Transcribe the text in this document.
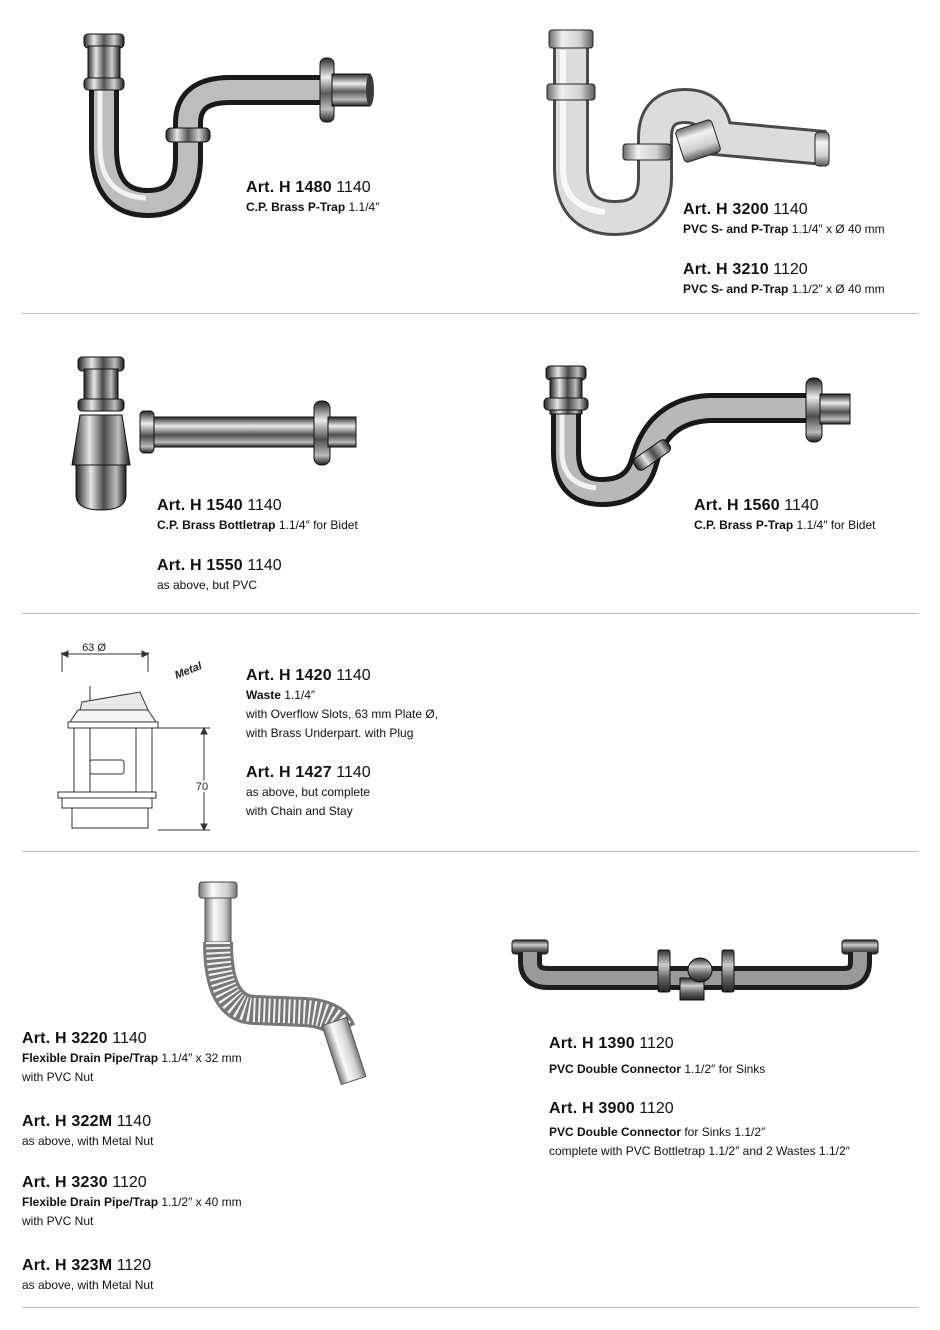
63 Ø
70
Metal
Art. H 1480 1140
C.P. Brass P-Trap 1.1/4″	Art. H 3200 1140
PVC S- and P-Trap 1.1/4″ x Ø 40 mm
Art. H 3210 1120
PVC S- and P-Trap 1.1/2″ x Ø 40 mm
Art. H 1540 1140
C.P. Brass Bottletrap 1.1/4″ for Bidet
Art. H 1550 1140
as above, but PVC
Art. H 1560 1140
C.P. Brass P-Trap 1.1/4″ for Bidet
Art. H 1420 1140
Waste 1.1/4″
with Overflow Slots, 63 mm Plate Ø,
with Brass Underpart. with Plug
Art. H 1427 1140
as above, but complete
with Chain and Stay
Art. H 3220 1140
Flexible Drain Pipe/Trap 1.1/4″ x 32 mm
with PVC Nut
Art. H 322M 1140
as above, with Metal Nut
Art. H 3230 1120
Flexible Drain Pipe/Trap 1.1/2″ x 40 mm
with PVC Nut
Art. H 323M 1120
as above, with Metal Nut
Art. H 1390 1120
PVC Double Connector 1.1/2″ for Sinks
Art. H 3900 1120
PVC Double Connector for Sinks 1.1/2″
complete with PVC Bottletrap 1.1/2″ and 2 Wastes 1.1/2″
